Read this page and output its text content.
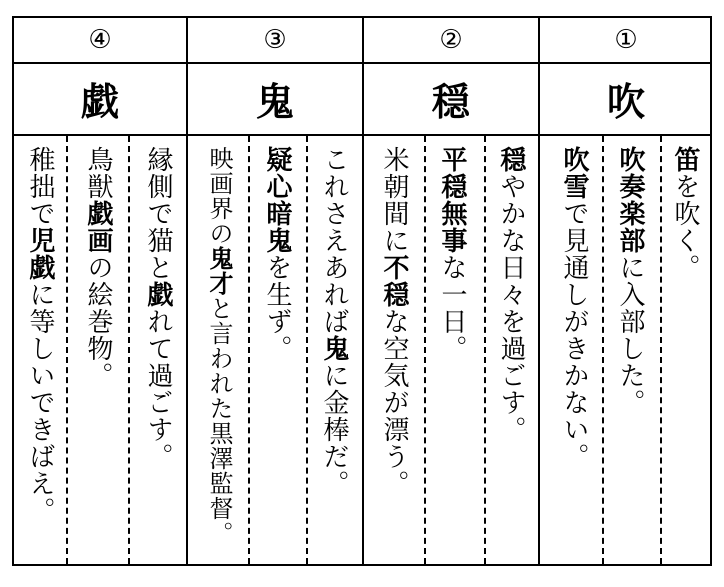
①
吹
笛を吹く。
吹奏楽部に入部した。
吹雪で見通しがきかない。
②
穏
穏やかな日々を過ごす。
平穏無事な一日。
米朝間に不穏な空気が漂う。
③
鬼
これさえあれば鬼に金棒だ。
疑心暗鬼を生ず。
映画界の鬼才と言われた黒澤監督。
④
戯
縁側で猫と戯れて過ごす。
鳥獣戯画の絵巻物。
稚拙で児戯に等しいできばえ。
